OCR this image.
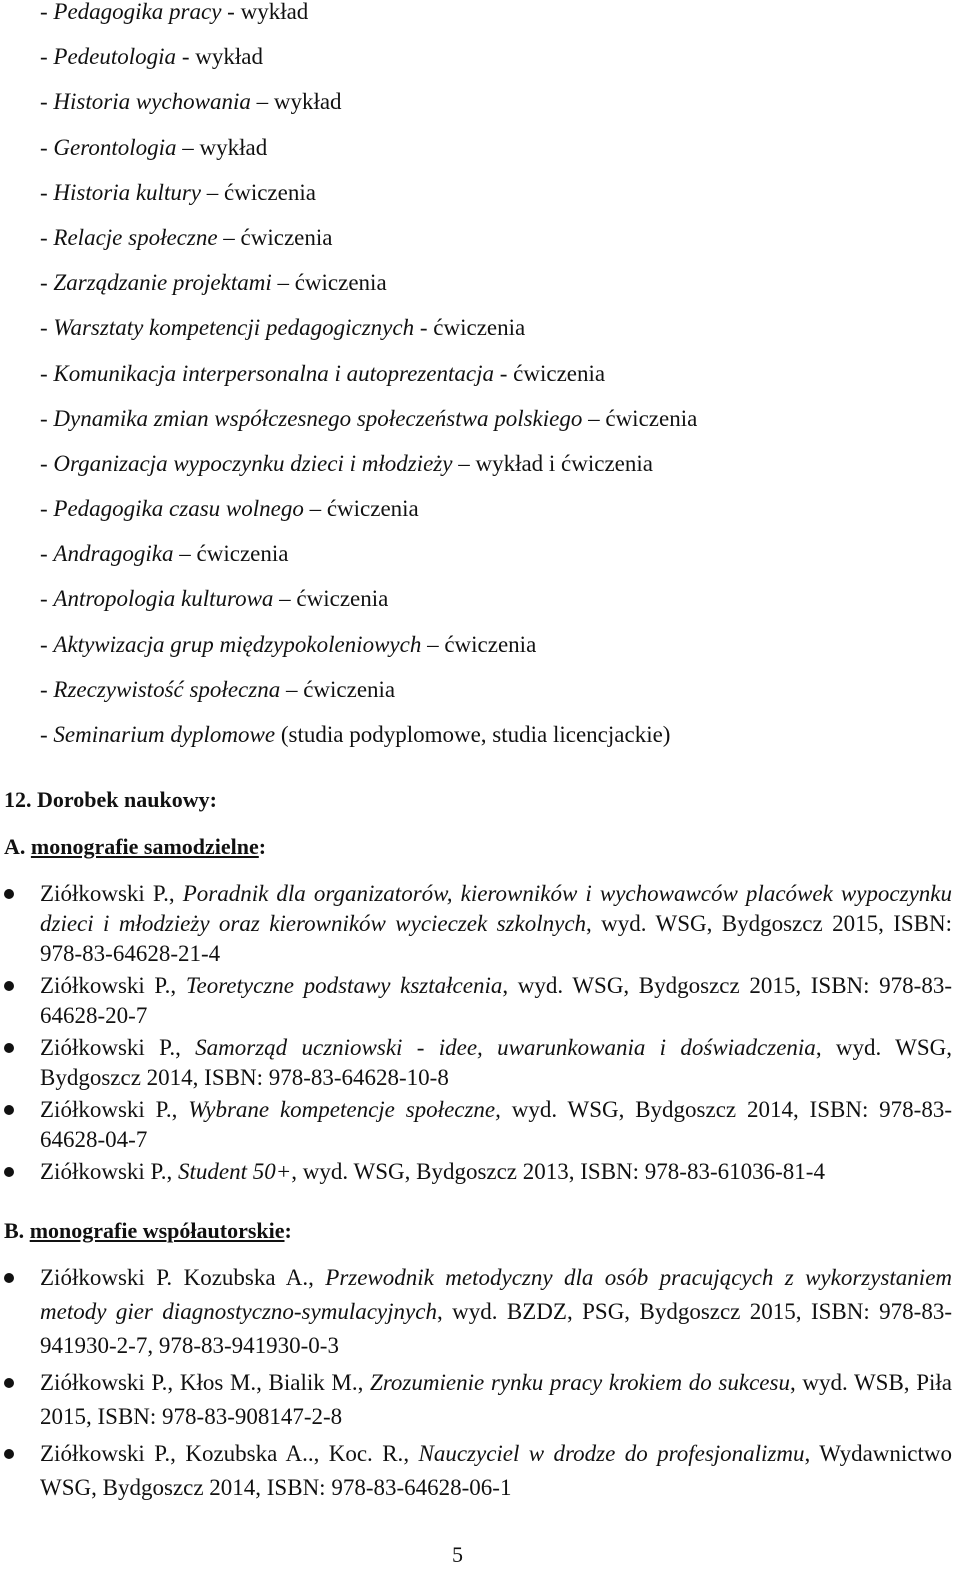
- Pedagogika pracy - wykład
- Pedeutologia - wykład
- Historia wychowania – wykład
- Gerontologia – wykład
- Historia kultury – ćwiczenia
- Relacje społeczne – ćwiczenia
- Zarządzanie projektami – ćwiczenia
- Warsztaty kompetencji pedagogicznych - ćwiczenia
- Komunikacja interpersonalna i autoprezentacja - ćwiczenia
- Dynamika zmian współczesnego społeczeństwa polskiego – ćwiczenia
- Organizacja wypoczynku dzieci i młodzieży – wykład i ćwiczenia
- Pedagogika czasu wolnego – ćwiczenia
- Andragogika – ćwiczenia
- Antropologia kulturowa – ćwiczenia
- Aktywizacja grup międzypokoleniowych – ćwiczenia
- Rzeczywistość społeczna – ćwiczenia
- Seminarium dyplomowe (studia podyplomowe, studia licencjackie)
12. Dorobek naukowy:
A. monografie samodzielne:
Ziółkowski P., Poradnik dla organizatorów, kierowników i wychowawców placówek wypoczynku dzieci i młodzieży oraz kierowników wycieczek szkolnych, wyd. WSG, Bydgoszcz 2015, ISBN: 978-83-64628-21-4
Ziółkowski P., Teoretyczne podstawy kształcenia, wyd. WSG, Bydgoszcz 2015, ISBN: 978-83-64628-20-7
Ziółkowski P., Samorząd uczniowski - idee, uwarunkowania i doświadczenia, wyd. WSG, Bydgoszcz 2014, ISBN: 978-83-64628-10-8
Ziółkowski P., Wybrane kompetencje społeczne, wyd. WSG, Bydgoszcz 2014, ISBN: 978-83- 64628-04-7
Ziółkowski P., Student 50+, wyd. WSG, Bydgoszcz 2013, ISBN: 978-83-61036-81-4
B. monografie współautorskie:
Ziółkowski P. Kozubska A., Przewodnik metodyczny dla osób pracujących z wykorzystaniem metody gier diagnostyczno-symulacyjnych, wyd. BZDZ, PSG, Bydgoszcz 2015, ISBN: 978-83-941930-2-7, 978-83-941930-0-3
Ziółkowski P., Kłos M., Bialik M., Zrozumienie rynku pracy krokiem do sukcesu, wyd. WSB, Piła 2015, ISBN: 978-83-908147-2-8
Ziółkowski P., Kozubska A.., Koc. R., Nauczyciel w drodze do profesjonalizmu, Wydawnictwo WSG, Bydgoszcz 2014, ISBN: 978-83-64628-06-1
5
